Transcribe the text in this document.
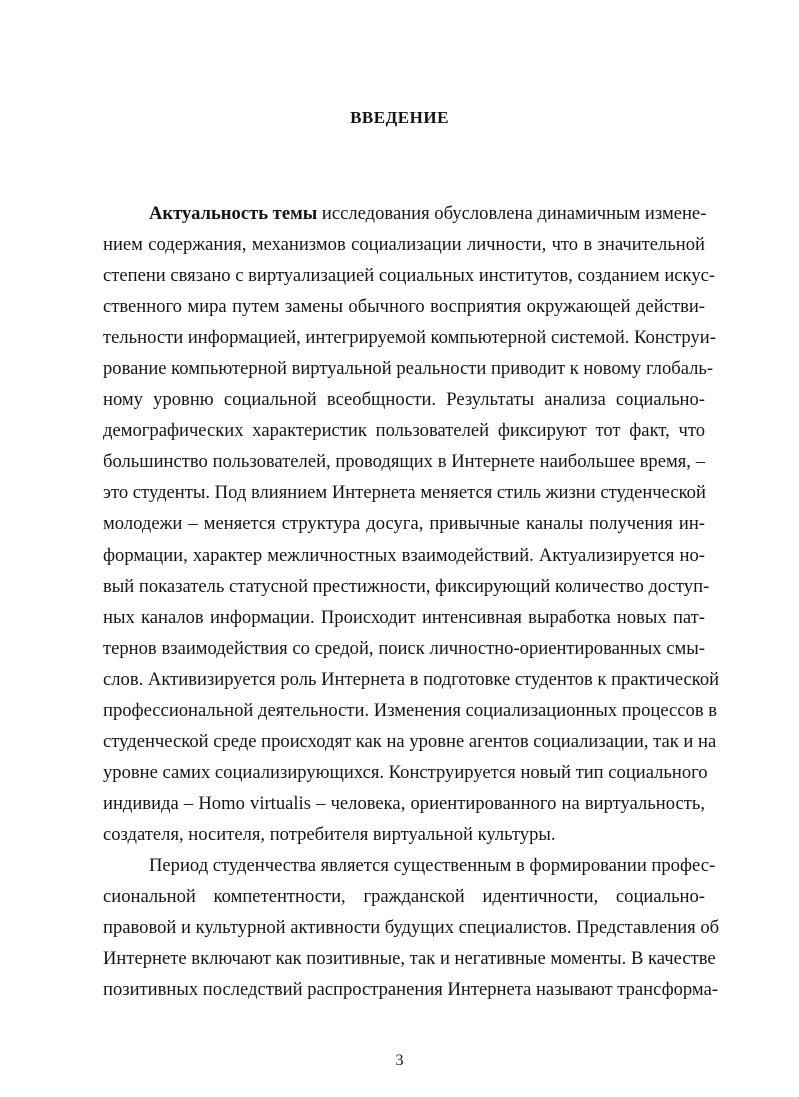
ВВЕДЕНИЕ
Актуальность темы исследования обусловлена динамичным измене-
нием содержания, механизмов социализации личности, что в значительной
степени связано с виртуализацией социальных институтов, созданием искус-
ственного мира путем замены обычного восприятия окружающей действи-
тельности информацией, интегрируемой компьютерной системой. Конструи-
рование компьютерной виртуальной реальности приводит к новому глобаль-
ному уровню социальной всеобщности. Результаты анализа социально-
демографических характеристик пользователей фиксируют тот факт, что
большинство пользователей, проводящих в Интернете наибольшее время, –
это студенты. Под влиянием Интернета меняется стиль жизни студенческой
молодежи – меняется структура досуга, привычные каналы получения ин-
формации, характер межличностных взаимодействий. Актуализируется но-
вый показатель статусной престижности, фиксирующий количество доступ-
ных каналов информации. Происходит интенсивная выработка новых пат-
тернов взаимодействия со средой, поиск личностно-ориентированных смы-
слов. Активизируется роль Интернета в подготовке студентов к практической
профессиональной деятельности. Изменения социализационных процессов в
студенческой среде происходят как на уровне агентов социализации, так и на
уровне самих социализирующихся. Конструируется новый тип социального
индивида – Homo virtualis – человека, ориентированного на виртуальность,
создателя, носителя, потребителя виртуальной культуры.
Период студенчества является существенным в формировании профес-
сиональной компетентности, гражданской идентичности, социально-
правовой и культурной активности будущих специалистов. Представления об
Интернете включают как позитивные, так и негативные моменты. В качестве
позитивных последствий распространения Интернета называют трансформа-
3
